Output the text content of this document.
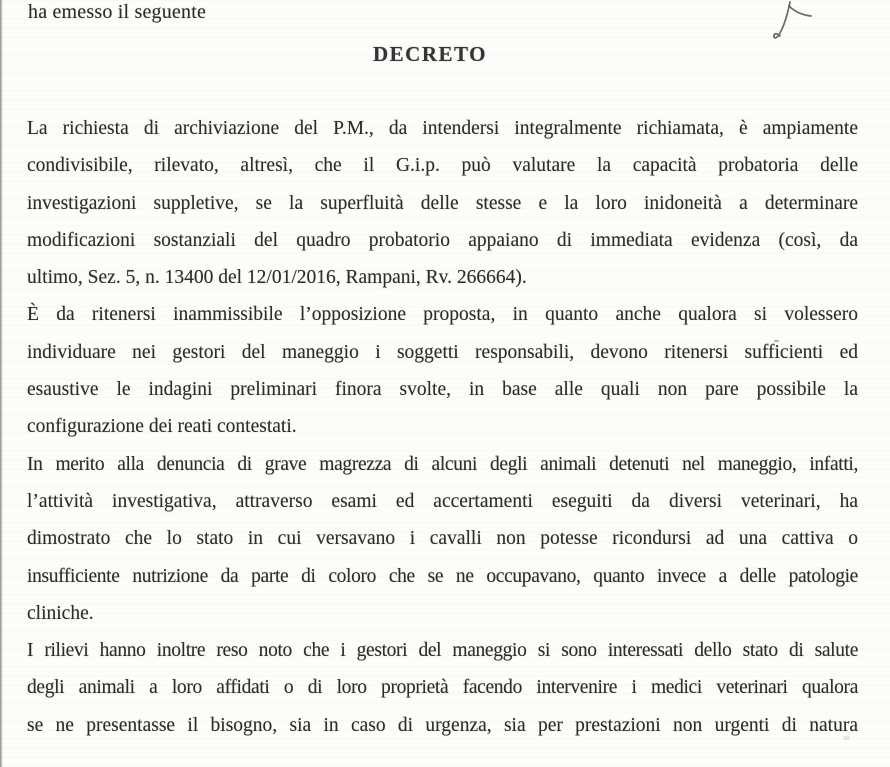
ha emesso il seguente
DECRETO
La richiesta di archiviazione del P.M., da intendersi integralmente richiamata, è ampiamente
condivisibile, rilevato, altresì, che il G.i.p. può valutare la capacità probatoria delle
investigazioni suppletive, se la superfluità delle stesse e la loro inidoneità a determinare
modificazioni sostanziali del quadro probatorio appaiano di immediata evidenza (così, da
ultimo, Sez. 5, n. 13400 del 12/01/2016, Rampani, Rv. 266664).
È da ritenersi inammissibile l’opposizione proposta, in quanto anche qualora si volessero
individuare nei gestori del maneggio i soggetti responsabili, devono ritenersi sufficienti ed
esaustive le indagini preliminari finora svolte, in base alle quali non pare possibile la
configurazione dei reati contestati.
In merito alla denuncia di grave magrezza di alcuni degli animali detenuti nel maneggio, infatti,
l’attività investigativa, attraverso esami ed accertamenti eseguiti da diversi veterinari, ha
dimostrato che lo stato in cui versavano i cavalli non potesse ricondursi ad una cattiva o
insufficiente nutrizione da parte di coloro che se ne occupavano, quanto invece a delle patologie
cliniche.
I rilievi hanno inoltre reso noto che i gestori del maneggio si sono interessati dello stato di salute
degli animali a loro affidati o di loro proprietà facendo intervenire i medici veterinari qualora
se ne presentasse il bisogno, sia in caso di urgenza, sia per prestazioni non urgenti di natura
